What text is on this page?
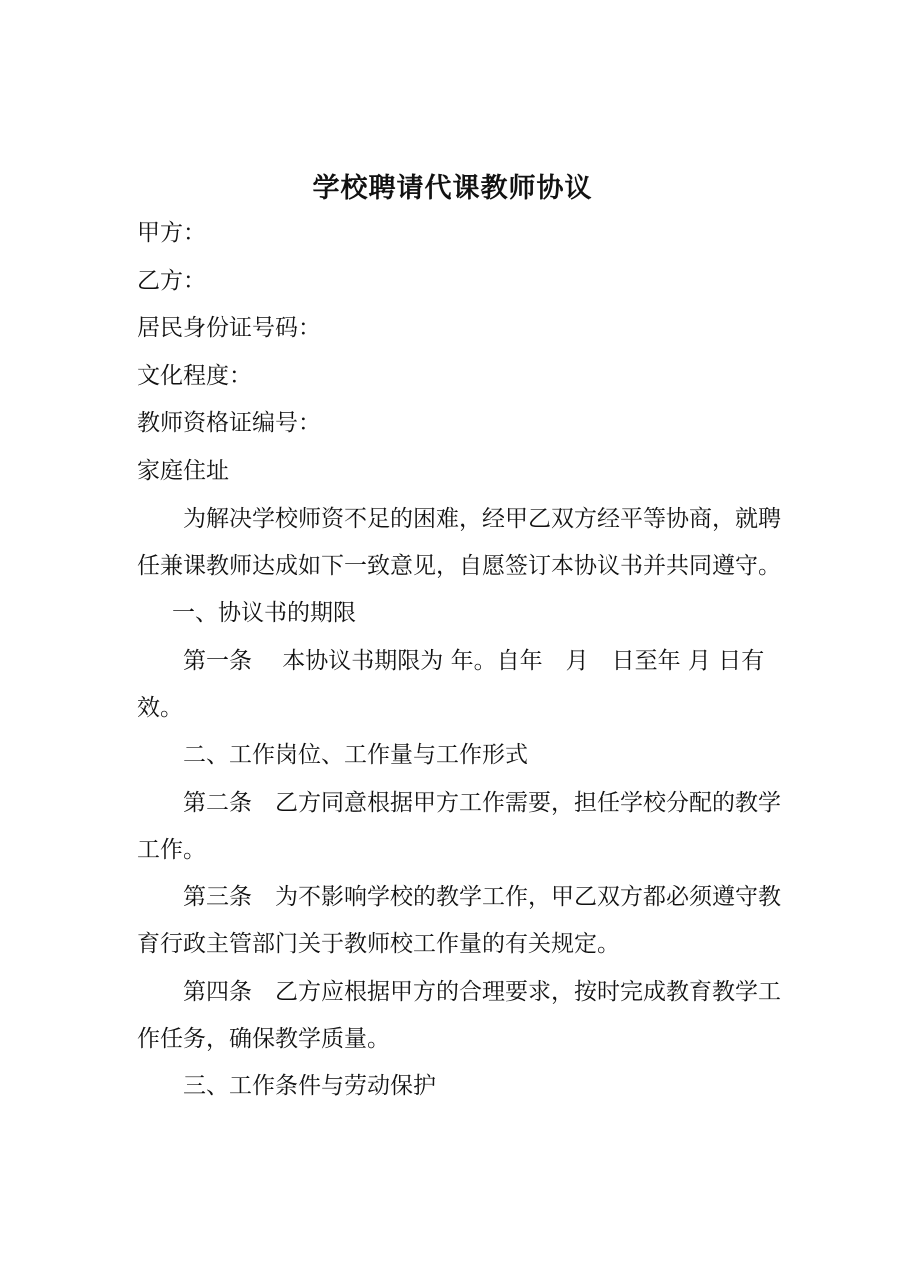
学校聘请代课教师协议
甲方：
乙方：
居民身份证号码：
文化程度：
教师资格证编号：
家庭住址
为解决学校师资不足的困难，经甲乙双方经平等协商，就聘
任兼课教师达成如下一致意见，自愿签订本协议书并共同遵守。
一、协议书的期限
第一条　 本协议书期限为 年。自年　月　日至年 月 日有
效。
二、工作岗位、工作量与工作形式
第二条　乙方同意根据甲方工作需要，担任学校分配的教学
工作。
第三条　为不影响学校的教学工作，甲乙双方都必须遵守教
育行政主管部门关于教师校工作量的有关规定。
第四条　乙方应根据甲方的合理要求，按时完成教育教学工
作任务，确保教学质量。
三、工作条件与劳动保护
